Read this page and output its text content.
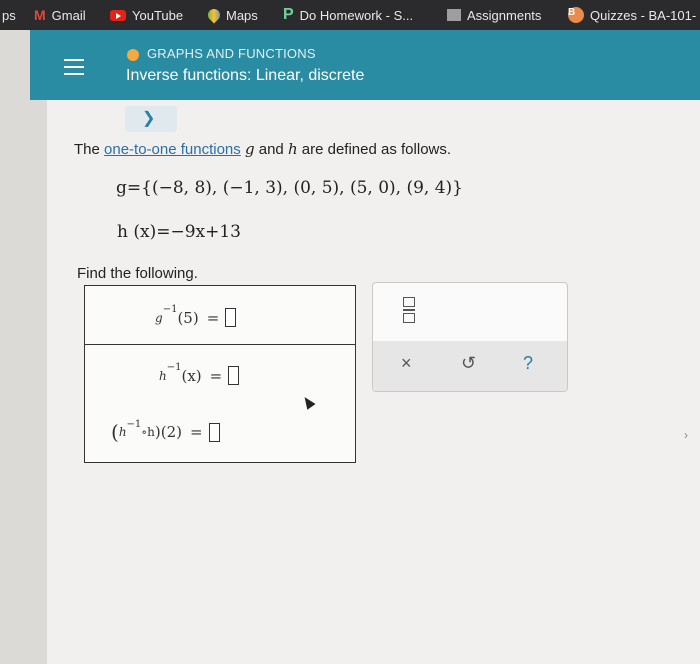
ps M Gmail	YouTube	Maps P Do Homework - S...	Assignments	B	Quizzes - BA-101-
GRAPHS AND FUNCTIONS
Inverse functions: Linear, discrete
❯
The one-to-one functions g and h are defined as follows.
g={(−8, 8), (−1, 3), (0, 5), (5, 0), (9, 4)}
h (x)=−9x+13
Find the following.
g
−1 (5) =
h
−1 (x) =
( h
−1
∘h )(2) =
×	↺	?
›
